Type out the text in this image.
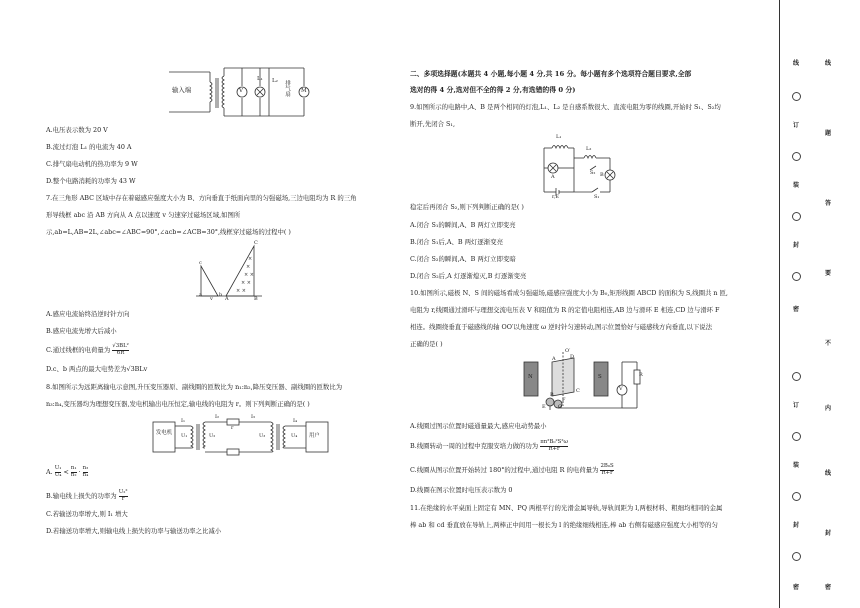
输入端
L₁ L₂	排气扇
V	M
A.电压表示数为 20 V
B.流过灯泡 L₁ 的电流为 40 A
C.排气扇电动机的热功率为 9 W
D.整个电路消耗的功率为 43 W
7.在三角形 ABC 区域中存在着磁感应强度大小为 B、方向垂直于纸面向里的匀强磁场,三边电阻均为 R 的三角
形导线框 abc 沿 AB 方向从 A 点以速度 v 匀速穿过磁场区域,如图所
示,ab=L,AB=2L,∠abc=∠ABC=90°,∠acb=∠ACB=30°,线框穿过磁场的过程中( )
× ×
× ×
× ×
×
×
a	b
c
A	B
C
v
A.感应电流始终沿逆时针方向
B.感应电流先增大后减小
C.通过线框的电荷量为 $\frac{\text{√3BL²}}{6R}$
D.c、b 两点的最大电势差为√3BLv
8.如图所示为远距离输电示意图,升压变压器原、副线圈的匝数比为 n₁:n₂,降压变压器、副线圈的匝数比为
n₃:n₄,变压器均为理想变压器,发电机输出电压恒定,输电线的电阻为 r。则下列判断正确的是( )
发电机	用户
U₁	U₂	U₃	U₄
I₁
I₂	I₃
I₄
r
A. $\frac{\text{U₁}}{\text{U₄}} < \frac{\text{n₁}}{\text{n₂}} \cdot \frac{\text{n₃}}{\text{n₄}}$
B.输电线上损失的功率为 $\frac{\text{U₂²}}{r}$
C.若输送功率增大,则 I₁ 增大
D.若输送功率增大,则输电线上损失的功率与输送功率之比减小
二、多项选择题(本题共 4 小题,每小题 4 分,共 16 分。每小题有多个选项符合题目要求,全部
选对的得 4 分,选对但不全的得 2 分,有选错的得 0 分)
9.如图所示的电路中,A、B 是两个相同的灯泡,L₁、L₂ 是自感系数很大、直流电阻为零的线圈,开始时 S₁、S₂均
断开,先闭合 S₁,
L₁
L₂
A	B
S₂
S₁
r,E
稳定后再闭合 S₂,则下列判断正确的是( )
A.闭合 S₁的瞬间,A、B 两灯立即变亮
B.闭合 S₁后,A、B 两灯逐渐变亮
C.闭合 S₂的瞬间,A、B 两灯立即变暗
D.闭合 S₂后,A 灯逐渐熄灭,B 灯逐渐变亮
10.如图所示,磁极 N、S 间的磁场看成匀强磁场,磁感应强度大小为 B₀,矩形线圈 ABCD 的面积为 S,线圈共 n 匝,
电阻为 r,线圈通过滑环与理想交流电压表 V 和阻值为 R 的定值电阻相连,AB 边与滑环 E 相连,CD 边与滑环 F
相连。线圈绕垂直于磁感线的轴 OO′以角速度 ω 逆时针匀速转动,图示位置恰好与磁感线方向垂直,以下说法
正确的是( )
N	S
O′
O
A	D
B
C
E
F
V
R
A.线圈过图示位置时磁通量最大,感应电动势最小
B.线圈转动一周的过程中克服安培力做的功为 $\frac{\text{πn²B₀²S²ω}}{R+r}$
C.线圈从图示位置开始转过 180°的过程中,通过电阻 R 的电荷量为 $\frac{\text{2B₀S}}{R+r}$
D.线圈在图示位置时电压表示数为 0
11.在绝缘的水平桌面上固定有 MN、PQ 两根平行的光滑金属导轨,导轨间距为 l,两根材料、粗细均相同的金属
棒 ab 和 cd 垂直放在导轨上,两棒正中间用一根长为 l 的绝缘细线相连,棒 ab 右侧有磁感应强度大小相等的匀
线
订
装
封
密
订
装
封
密
线
题
答
要
不
内
线
封
密
